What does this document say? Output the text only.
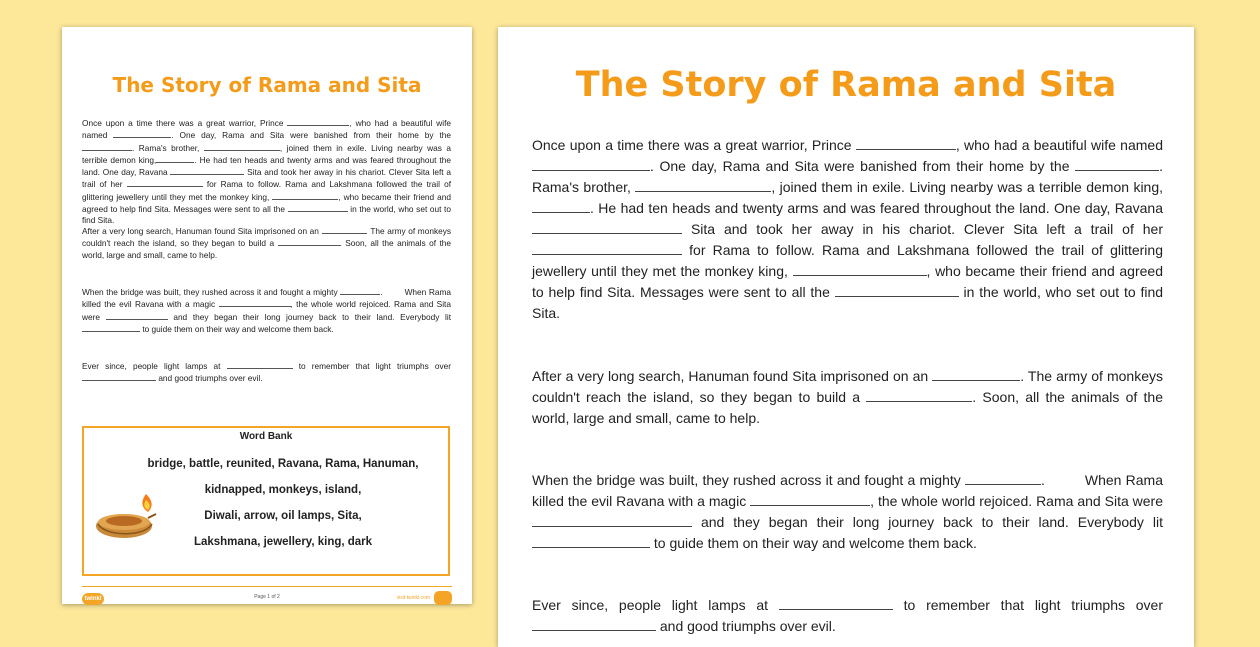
The Story of Rama and Sita
Once upon a time there was a great warrior, Prince	, who had a beautiful wife named	. One day, Rama and Sita were banished from their home by the . Rama's brother,	, joined them in exile. Living nearby was a terrible demon king,	. He had ten heads and twenty arms and was feared throughout the land. One day, Ravana	Sita and took her away in his chariot. Clever Sita left a trail of her	for Rama to follow. Rama and Lakshmana followed the trail of glittering jewellery until they met the monkey king,	, who became their friend and agreed to help find Sita. Messages were sent to all the	in the world, who set out to find Sita.
After a very long search, Hanuman found Sita imprisoned on an	. The army of monkeys couldn't reach the island, so they began to build a	. Soon, all the animals of the world, large and small, came to help.
When the bridge was built, they rushed across it and fought a mighty	.	When Rama killed the evil Ravana with a magic	, the whole world rejoiced. Rama and Sita were	and they began their long journey back to their land. Everybody lit  to guide them on their way and welcome them back.
Ever since, people light lamps at	to remember that light triumphs over  and good triumphs over evil.
Word Bank
bridge, battle, reunited, Ravana, Rama, Hanuman,
kidnapped, monkeys, island,
Diwali, arrow, oil lamps, Sita,
Lakshmana, jewellery, king, dark
twinkl	Page 1 of 2	visit twinkl.com
The Story of Rama and Sita
Once upon a time there was a great warrior, Prince	, who had a beautiful wife named . One day, Rama and Sita were banished from their home by the	. Rama's brother,	, joined them in exile. Living nearby was a terrible demon king,. He had ten heads and twenty arms and was feared throughout the land. One day, Ravana  Sita and took her away in his chariot. Clever Sita left a trail of her  for Rama to follow. Rama and Lakshmana followed the trail of glittering jewellery until they met the monkey king,	, who became their friend and agreed to help find Sita. Messages were sent to all the	in the world, who set out to find Sita.
After a very long search, Hanuman found Sita imprisoned on an	. The army of monkeys couldn't reach the island, so they began to build a	. Soon, all the animals of the world, large and small, came to help.
When the bridge was built, they rushed across it and fought a mighty	.	When Rama killed the evil Ravana with a magic	, the whole world rejoiced. Rama and Sita were  and they began their long journey back to their land. Everybody lit  to guide them on their way and welcome them back.
Ever since, people light lamps at	to remember that light triumphs over  and good triumphs over evil.
